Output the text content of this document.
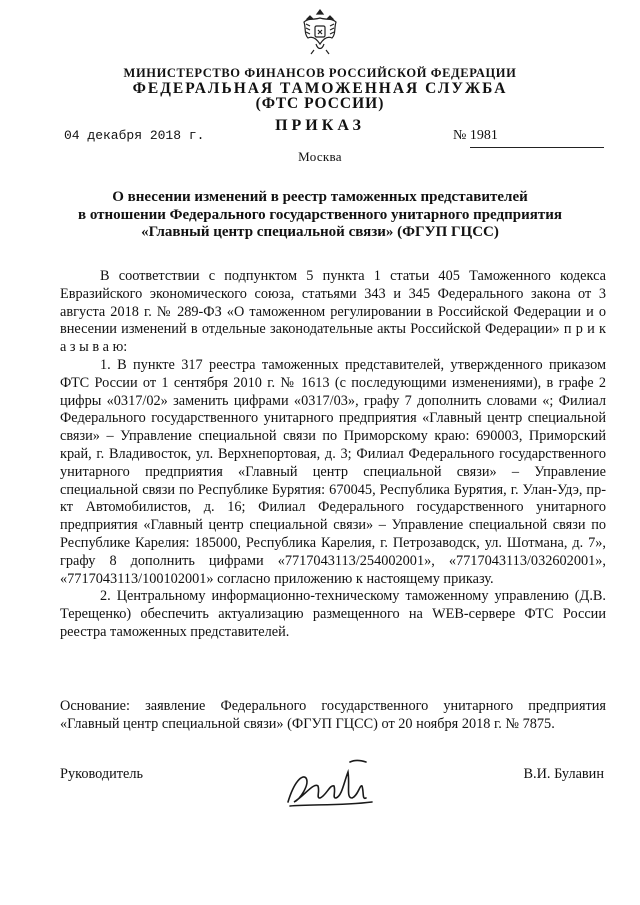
МИНИСТЕРСТВО ФИНАНСОВ РОССИЙСКОЙ ФЕДЕРАЦИИ
ФЕДЕРАЛЬНАЯ ТАМОЖЕННАЯ СЛУЖБА
(ФТС РОССИИ)
ПРИКАЗ
04 декабря 2018 г.	№ 1981
Москва
О внесении изменений в реестр таможенных представителей
в отношении Федерального государственного унитарного предприятия
«Главный центр специальной связи» (ФГУП ГЦСС)

В соответствии с подпунктом 5 пункта 1 статьи 405 Таможенного кодекса Евразийского экономического союза, статьями 343 и 345 Федерального закона от 3 августа 2018 г. № 289-ФЗ «О таможенном регулировании в Российской Федерации и о внесении изменений в отдельные законодательные акты Российской Федерации» п р и к а з ы в а ю:

1. В пункте 317 реестра таможенных представителей, утвержденного приказом ФТС России от 1 сентября 2010 г. № 1613 (с последующими изменениями), в графе 2 цифры «0317/02» заменить цифрами «0317/03», графу 7 дополнить словами «; Филиал Федерального государственного унитарного предприятия «Главный центр специальной связи» – Управление специальной связи по Приморскому краю: 690003, Приморский край, г. Владивосток, ул. Верхнепортовая, д. 3; Филиал Федерального государственного унитарного предприятия «Главный центр специальной связи» – Управление специальной связи по Республике Бурятия: 670045, Республика Бурятия, г. Улан-Удэ, пр-кт Автомобилистов, д. 16; Филиал Федерального государственного унитарного предприятия «Главный центр специальной связи» – Управление специальной связи по Республике Карелия: 185000, Республика Карелия, г. Петрозаводск, ул. Шотмана, д. 7», графу 8 дополнить цифрами «7717043113/254002001», «7717043113/032602001», «7717043113/100102001» согласно приложению к настоящему приказу.

2. Центральному информационно-техническому таможенному управлению (Д.В. Терещенко) обеспечить актуализацию размещенного на WEB-сервере ФТС России реестра таможенных представителей.

Основание: заявление Федерального государственного унитарного предприятия «Главный центр специальной связи» (ФГУП ГЦСС) от 20 ноября 2018 г. № 7875.

Руководитель	В.И. Булавин
